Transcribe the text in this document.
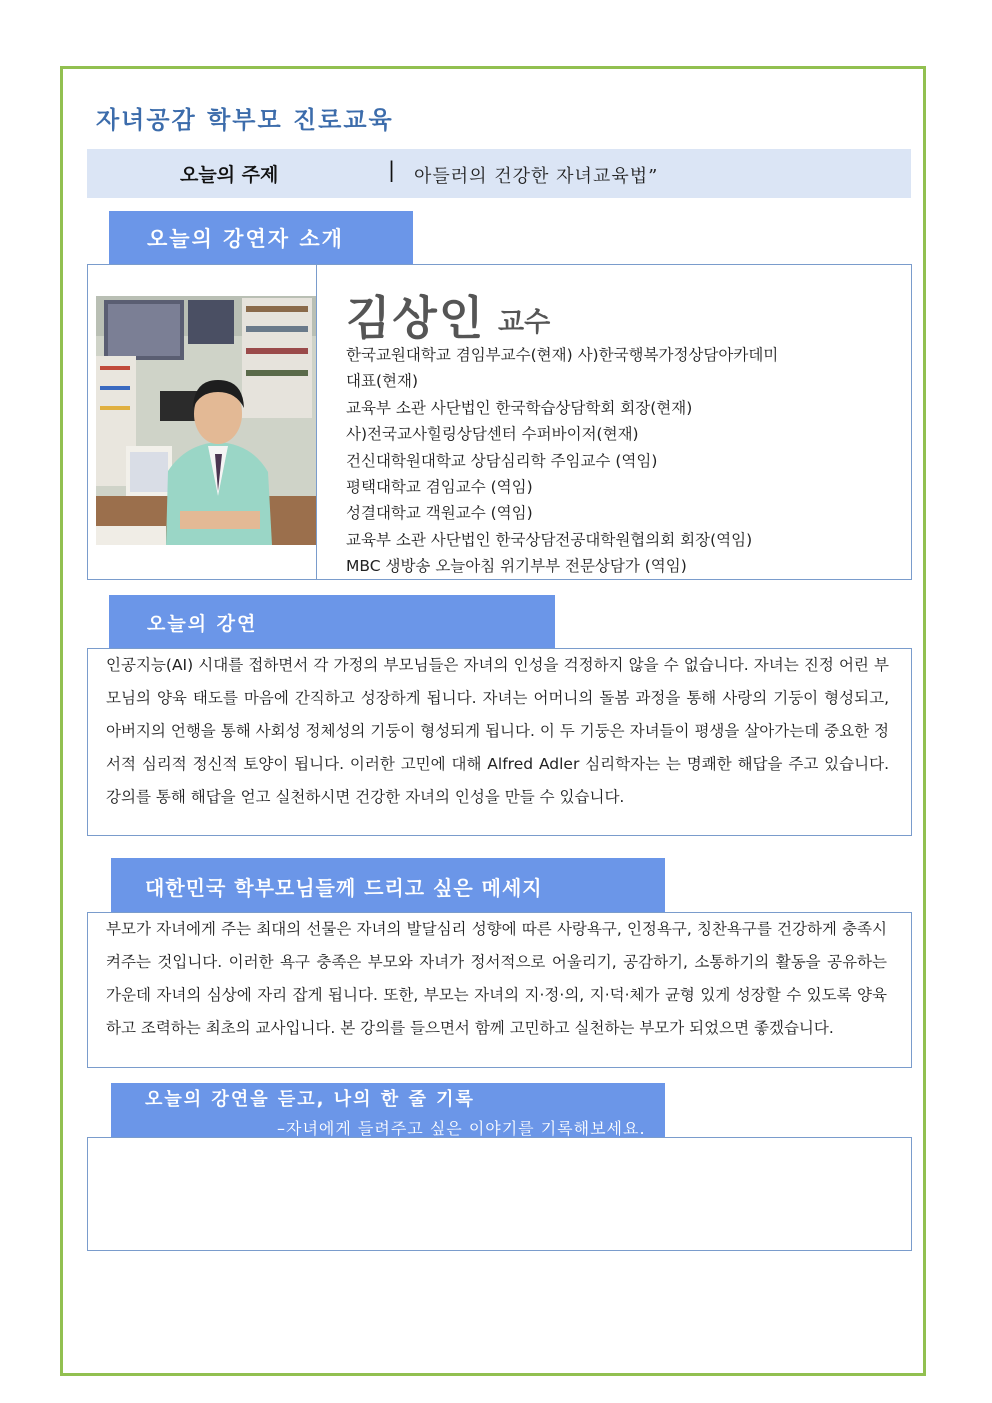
자녀공감 학부모 진로교육
오늘의 주제	| 아들러의 건강한 자녀교육법”
오늘의 강연자 소개
김상인 교수
한국교원대학교 겸임부교수(현재) 사)한국행복가정상담아카데미
대표(현재)
교육부 소관 사단법인 한국학습상담학회 회장(현재)
사)전국교사힐링상담센터 수퍼바이저(현재)
건신대학원대학교 상담심리학 주임교수 (역임)
평택대학교 겸임교수 (역임)
성결대학교 객원교수 (역임)
교육부 소관 사단법인 한국상담전공대학원협의회 회장(역임)
MBC 생방송 오늘아침 위기부부 전문상담가 (역임)
오늘의 강연
인공지능(AI) 시대를 접하면서 각 가정의 부모님들은 자녀의 인성을 걱정하지 않을 수 없습니다. 자녀는 진정 어린 부모님의 양육 태도를 마음에 간직하고 성장하게 됩니다. 자녀는 어머니의 돌봄 과정을 통해 사랑의 기둥이 형성되고, 아버지의 언행을 통해 사회성 정체성의 기둥이 형성되게 됩니다. 이 두 기둥은 자녀들이 평생을 살아가는데 중요한 정서적 심리적 정신적 토양이 됩니다. 이러한 고민에 대해 Alfred Adler 심리학자는 는 명쾌한 해답을 주고 있습니다. 강의를 통해 해답을 얻고 실천하시면 건강한 자녀의 인성을 만들 수 있습니다.
대한민국 학부모님들께 드리고 싶은 메세지
부모가 자녀에게 주는 최대의 선물은 자녀의 발달심리 성향에 따른 사랑욕구, 인정욕구, 칭찬욕구를 건강하게 충족시켜주는 것입니다. 이러한 욕구 충족은 부모와 자녀가 정서적으로 어울리기, 공감하기, 소통하기의 활동을 공유하는 가운데 자녀의 심상에 자리 잡게 됩니다. 또한, 부모는 자녀의 지·정·의, 지·덕·체가 균형 있게 성장할 수 있도록 양육하고 조력하는 최초의 교사입니다. 본 강의를 들으면서 함께 고민하고 실천하는 부모가 되었으면 좋겠습니다.
오늘의 강연을 듣고, 나의 한 줄 기록
–자녀에게 들려주고 싶은 이야기를 기록해보세요.
